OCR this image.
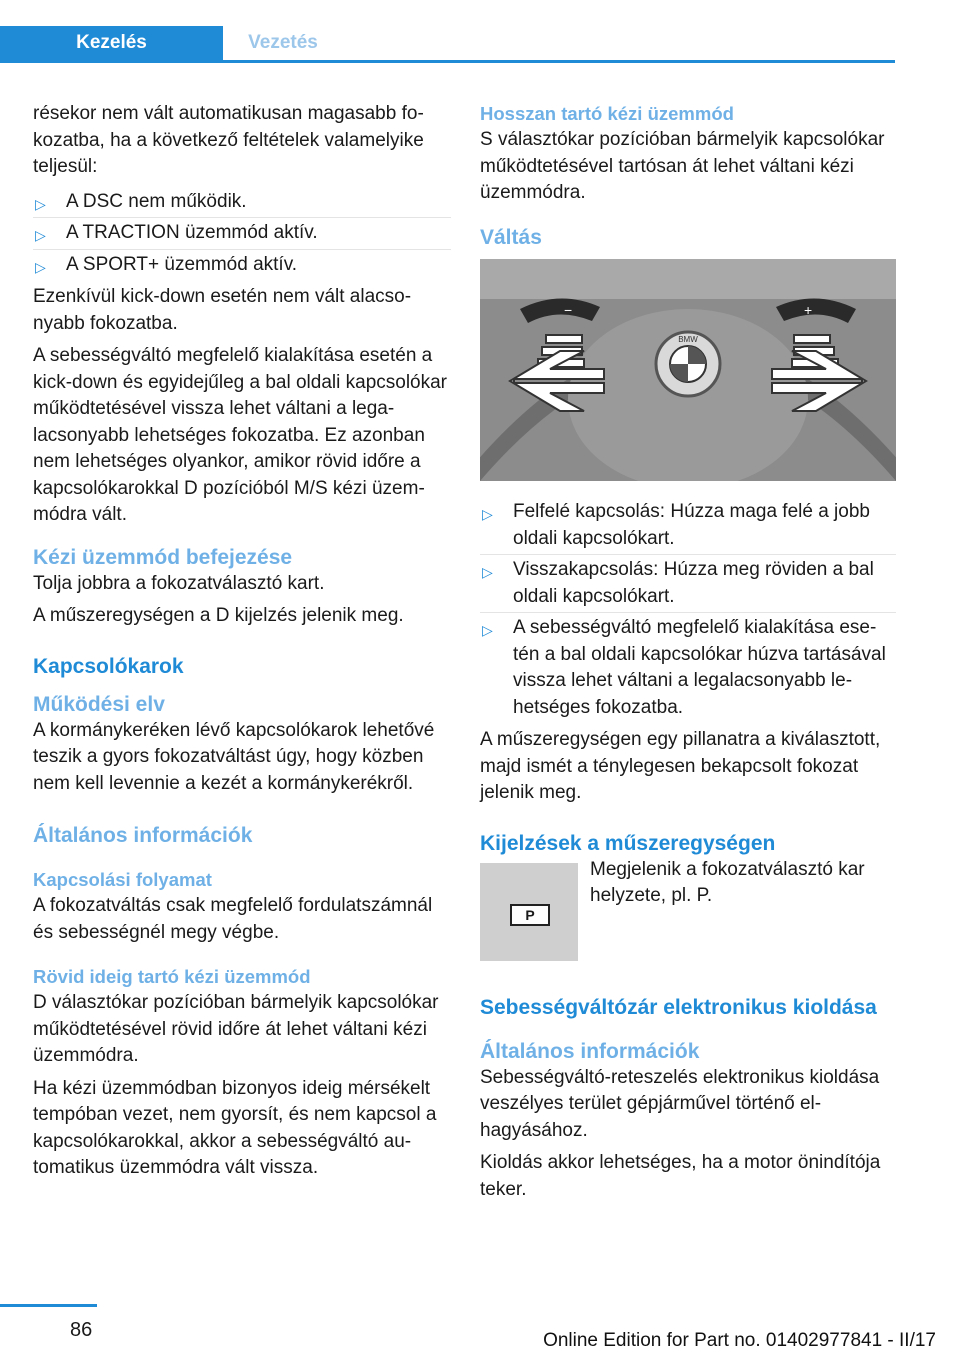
Kezelés	Vezetés

résekor nem vált automatikusan magasabb fokozatba, ha a következő feltételek valamelyike teljesül:

▷ A DSC nem működik.
▷ A TRACTION üzemmód aktív.
▷ A SPORT+ üzemmód aktív.

Ezenkívül kick-down esetén nem vált alacsonyabb fokozatba.

A sebességváltó megfelelő kialakítása esetén a kick-down és egyidejűleg a bal oldali kapcsolókar működtetésével vissza lehet váltani a legalacsonyabb lehetséges fokozatba. Ez azonban nem lehetséges olyankor, amikor rövid időre a kapcsolókarokkal D pozícióból M/S kézi üzemmódra vált.

Kézi üzemmód befejezése

Tolja jobbra a fokozatválasztó kart.

A műszeregységen a D kijelzés jelenik meg.

Kapcsolókarok
Működési elv

A kormánykeréken lévő kapcsolókarok lehetővé teszik a gyors fokozatváltást úgy, hogy közben nem kell levennie a kezét a kormánykerékről.

Általános információk
Kapcsolási folyamat

A fokozatváltás csak megfelelő fordulatszámnál és sebességnél megy végbe.

Rövid ideig tartó kézi üzemmód

D választókar pozícióban bármelyik kapcsolókar működtetésével rövid időre át lehet váltani kézi üzemmódra.

Ha kézi üzemmódban bizonyos ideig mérsékelt tempóban vezet, nem gyorsít, és nem kapcsol a kapcsolókarokkal, akkor a sebességváltó automatikus üzemmódra vált vissza.

Hosszan tartó kézi üzemmód

S választókar pozícióban bármelyik kapcsolókar működtetésével tartósan át lehet váltani kézi üzemmódra.

Váltás
−	+
BMW
▷ Felfelé kapcsolás: Húzza maga felé a jobb oldali kapcsolókart.
▷ Visszakapcsolás: Húzza meg röviden a bal oldali kapcsolókart.
▷ A sebességváltó megfelelő kialakítása esetén a bal oldali kapcsolókar húzva tartásával vissza lehet váltani a legalacsonyabb lehetséges fokozatba.

A műszeregységen egy pillanatra a kiválasztott, majd ismét a ténylegesen bekapcsolt fokozat jelenik meg.

Kijelzések a műszeregységen
P
Megjelenik a fokozatválasztó kar helyzete, pl. P.
Sebességváltózár elektronikus kioldása
Általános információk

Sebességváltó-reteszelés elektronikus kioldása veszélyes terület gépjárművel történő elhagyásához.

Kioldás akkor lehetséges, ha a motor önindítója teker.

86	Online Edition for Part no. 01402977841 - II/17
